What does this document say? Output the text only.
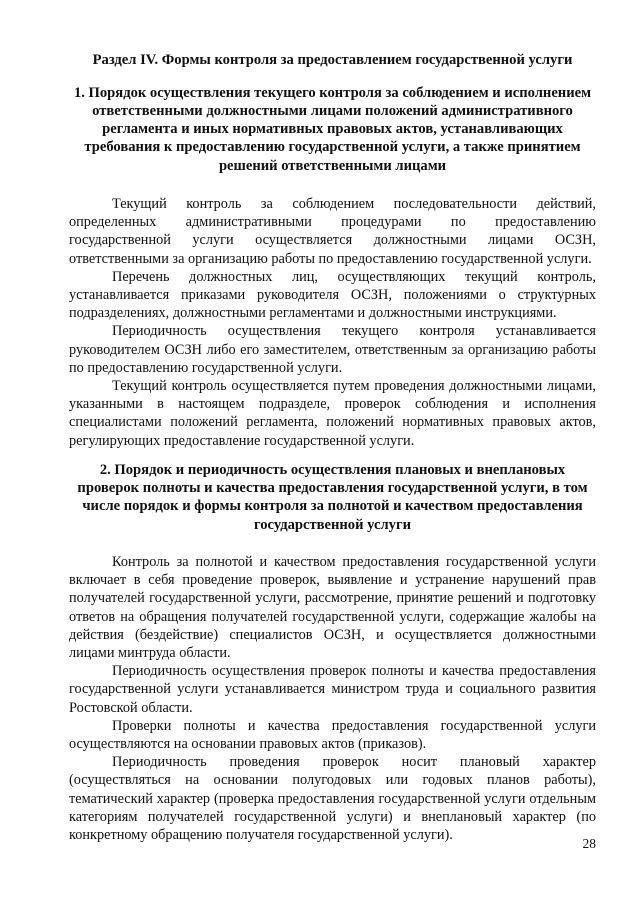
Раздел IV. Формы контроля за предоставлением государственной услуги
1. Порядок осуществления текущего контроля за соблюдением и исполнением ответственными должностными лицами положений административного регламента и иных нормативных правовых актов, устанавливающих требования к предоставлению государственной услуги, а также принятием решений ответственными лицами

Текущий контроль за соблюдением последовательности действий, определенных административными процедурами по предоставлению государственной услуги осуществляется должностными лицами ОСЗН, ответственными за организацию работы по предоставлению государственной услуги.

Перечень должностных лиц, осуществляющих текущий контроль, устанавливается приказами руководителя ОСЗН, положениями о структурных подразделениях, должностными регламентами и должностными инструкциями.

Периодичность осуществления текущего контроля устанавливается руководителем ОСЗН либо его заместителем, ответственным за организацию работы по предоставлению государственной услуги.

Текущий контроль осуществляется путем проведения должностными лицами, указанными в настоящем подразделе, проверок соблюдения и исполнения специалистами положений регламента, положений нормативных правовых актов, регулирующих предоставление государственной услуги.

2. Порядок и периодичность осуществления плановых и внеплановых проверок полноты и качества предоставления государственной услуги, в том числе порядок и формы контроля за полнотой и качеством предоставления государственной услуги

Контроль за полнотой и качеством предоставления государственной услуги включает в себя проведение проверок, выявление и устранение нарушений прав получателей государственной услуги, рассмотрение, принятие решений и подготовку ответов на обращения получателей государственной услуги, содержащие жалобы на действия (бездействие) специалистов ОСЗН, и осуществляется должностными лицами минтруда области.

Периодичность осуществления проверок полноты и качества предоставления государственной услуги устанавливается министром труда и социального развития Ростовской области.

Проверки полноты и качества предоставления государственной услуги осуществляются на основании правовых актов (приказов).

Периодичность проведения проверок носит плановый характер (осуществляться на основании полугодовых или годовых планов работы), тематический характер (проверка предоставления государственной услуги отдельным категориям получателей государственной услуги) и внеплановый характер (по конкретному обращению получателя государственной услуги).

28
